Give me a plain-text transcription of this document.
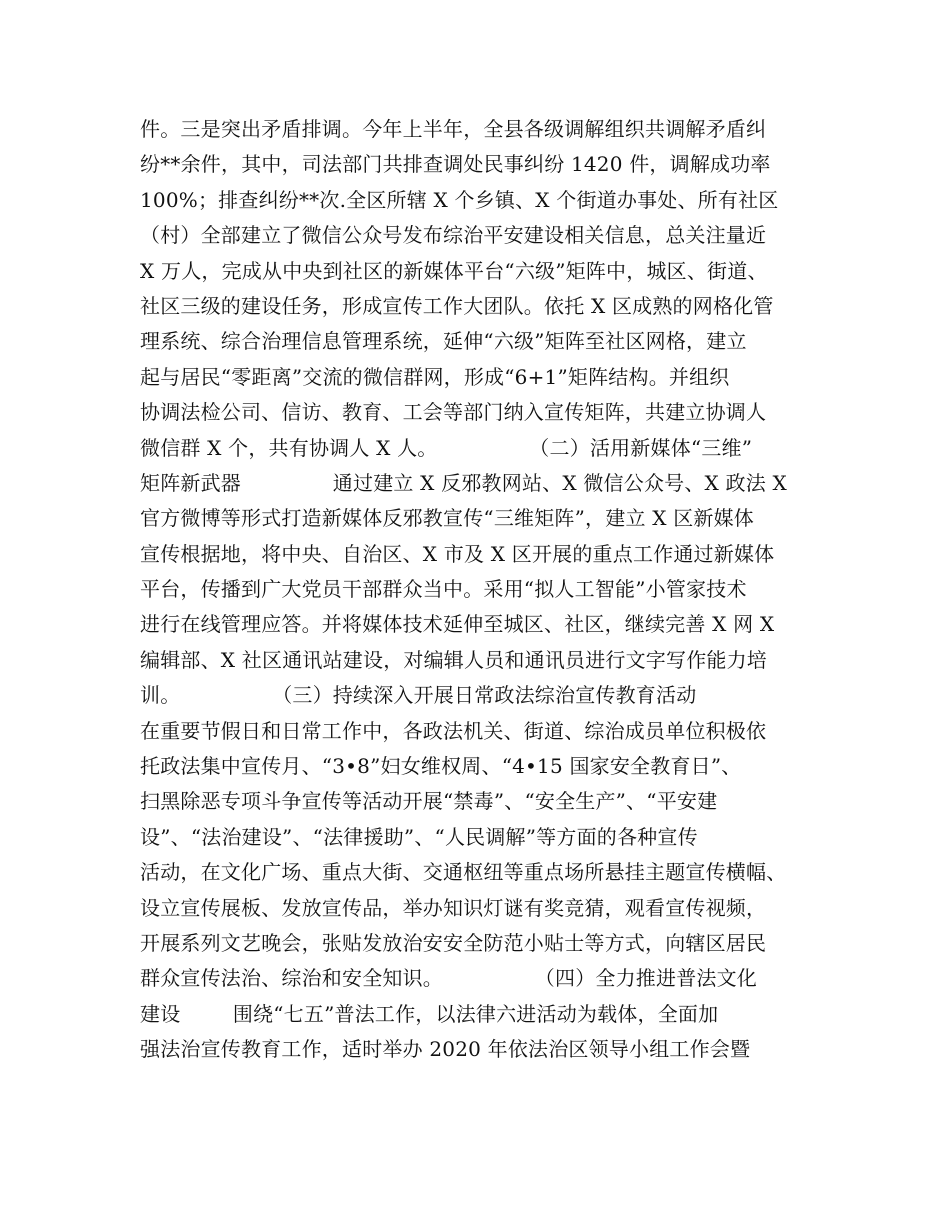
件。三是突出矛盾排调。今年上半年，全县各级调解组织共调解矛盾纠
纷**余件，其中，司法部门共排查调处民事纠纷 1420 件，调解成功率
100%；排查纠纷**次.全区所辖 X 个乡镇、X 个街道办事处、所有社区
（村）全部建立了微信公众号发布综治平安建设相关信息，总关注量近
X 万人，完成从中央到社区的新媒体平台“六级”矩阵中，城区、街道、
社区三级的建设任务，形成宣传工作大团队。依托 X 区成熟的网格化管
理系统、综合治理信息管理系统，延伸“六级”矩阵至社区网格，建立
起与居民“零距离”交流的微信群网，形成“6+1”矩阵结构。并组织
协调法检公司、信访、教育、工会等部门纳入宣传矩阵，共建立协调人
微信群 X 个，共有协调人 X 人。              （二）活用新媒体“三维”
矩阵新武器              通过建立 X 反邪教网站、X 微信公众号、X 政法 X
官方微博等形式打造新媒体反邪教宣传“三维矩阵”，建立 X 区新媒体
宣传根据地，将中央、自治区、X 市及 X 区开展的重点工作通过新媒体
平台，传播到广大党员干部群众当中。采用“拟人工智能”小管家技术
进行在线管理应答。并将媒体技术延伸至城区、社区，继续完善 X 网 X
编辑部、X 社区通讯站建设，对编辑人员和通讯员进行文字写作能力培
训。              （三）持续深入开展日常政法综治宣传教育活动
在重要节假日和日常工作中，各政法机关、街道、综治成员单位积极依
托政法集中宣传月、“3•8”妇女维权周、“4•15 国家安全教育日”、
扫黑除恶专项斗争宣传等活动开展“禁毒”、“安全生产”、“平安建
设”、“法治建设”、“法律援助”、“人民调解”等方面的各种宣传
活动，在文化广场、重点大街、交通枢纽等重点场所悬挂主题宣传横幅、
设立宣传展板、发放宣传品，举办知识灯谜有奖竞猜，观看宣传视频，
开展系列文艺晚会，张贴发放治安安全防范小贴士等方式，向辖区居民
群众宣传法治、综治和安全知识。              （四）全力推进普法文化
建设        围绕“七五”普法工作，以法律六进活动为载体，全面加
强法治宣传教育工作，适时举办 2020 年依法治区领导小组工作会暨
